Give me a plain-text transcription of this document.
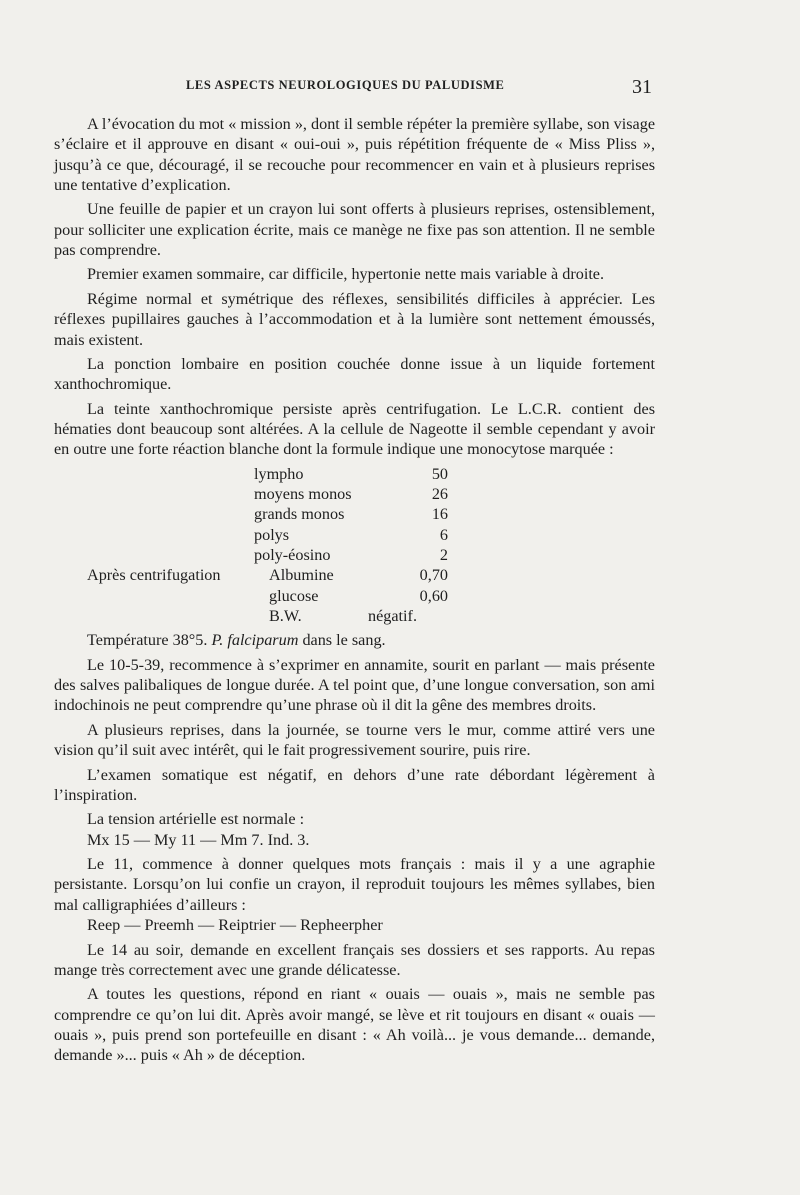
LES ASPECTS NEUROLOGIQUES DU PALUDISME	31

A l’évocation du mot « mission », dont il semble répéter la première syllabe, son visage s’éclaire et il approuve en disant « oui-oui », puis répétition fréquente de « Miss Pliss », jusqu’à ce que, découragé, il se recouche pour recommencer en vain et à plusieurs reprises une tentative d’explication.

Une feuille de papier et un crayon lui sont offerts à plusieurs reprises, ostensiblement, pour solliciter une explication écrite, mais ce manège ne fixe pas son attention. Il ne semble pas comprendre.

Premier examen sommaire, car difficile, hypertonie nette mais variable à droite.

Régime normal et symétrique des réflexes, sensibilités difficiles à apprécier. Les réflexes pupillaires gauches à l’accommodation et à la lumière sont nettement émoussés, mais existent.

La ponction lombaire en position couchée donne issue à un liquide fortement xanthochromique.

La teinte xanthochromique persiste après centrifugation. Le L.C.R. contient des hématies dont beaucoup sont altérées. A la cellule de Nageotte il semble cependant y avoir en outre une forte réaction blanche dont la formule indique une monocytose marquée :

lympho	50
moyens monos	26
grands monos	16
polys	6
poly-éosino	2
Après centrifugation	Albumine	0,70
glucose	0,60
B.W.	négatif.

Température 38°5. P. falciparum dans le sang.

Le 10-5-39, recommence à s’exprimer en annamite, sourit en parlant — mais présente des salves palibaliques de longue durée. A tel point que, d’une longue conversation, son ami indochinois ne peut comprendre qu’une phrase où il dit la gêne des membres droits.

A plusieurs reprises, dans la journée, se tourne vers le mur, comme attiré vers une vision qu’il suit avec intérêt, qui le fait progressivement sourire, puis rire.

L’examen somatique est négatif, en dehors d’une rate débordant légèrement à l’inspiration.

La tension artérielle est normale :

Mx 15 — My 11 — Mm 7. Ind. 3.

Le 11, commence à donner quelques mots français : mais il y a une agraphie persistante. Lorsqu’on lui confie un crayon, il reproduit toujours les mêmes syllabes, bien mal calligraphiées d’ailleurs :

Reep — Preemh — Reiptrier — Repheerpher

Le 14 au soir, demande en excellent français ses dossiers et ses rapports. Au repas mange très correctement avec une grande délicatesse.

A toutes les questions, répond en riant « ouais — ouais », mais ne semble pas comprendre ce qu’on lui dit. Après avoir mangé, se lève et rit toujours en disant « ouais — ouais », puis prend son portefeuille en disant : « Ah voilà... je vous demande... demande, demande »... puis « Ah » de déception.
